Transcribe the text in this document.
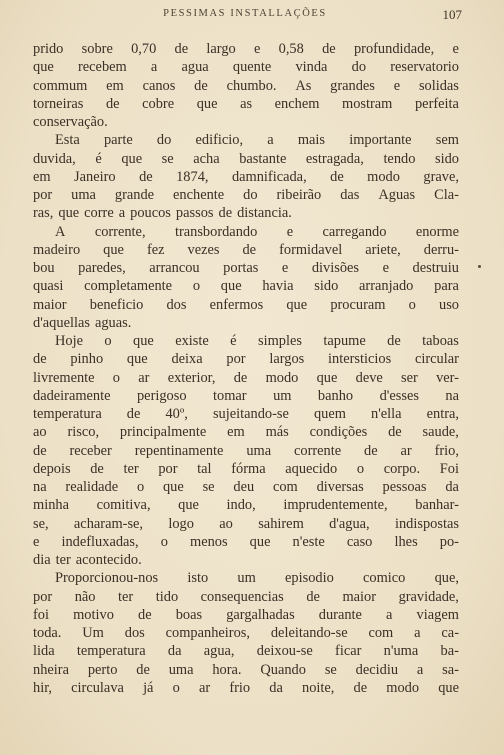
PESSIMAS INSTALLAÇÕES	107
prido sobre 0,70 de largo e 0,58 de profundidade, e
que recebem a agua quente vinda do reservatorio
commum em canos de chumbo. As grandes e solidas
torneiras de cobre que as enchem mostram perfeita
conservação.
Esta parte do edificio, a mais importante sem
duvida, é que se acha bastante estragada, tendo sido
em Janeiro de 1874, damnificada, de modo grave,
por uma grande enchente do ribeirão das Aguas Cla-
ras, que corre a poucos passos de distancia.
A corrente, transbordando e carregando enorme
madeiro que fez vezes de formidavel ariete, derru-
bou paredes, arrancou portas e divisões e destruiu
quasi completamente o que havia sido arranjado para
maior beneficio dos enfermos que procuram o uso
d'aquellas aguas.
Hoje o que existe é simples tapume de taboas
de pinho que deixa por largos intersticios circular
livremente o ar exterior, de modo que deve ser ver-
dadeiramente perigoso tomar um banho d'esses na
temperatura de 40º, sujeitando-se quem n'ella entra,
ao risco, principalmente em más condições de saude,
de receber repentinamente uma corrente de ar frio,
depois de ter por tal fórma aquecido o corpo. Foi
na realidade o que se deu com diversas pessoas da
minha comitiva, que indo, imprudentemente, banhar-
se, acharam-se, logo ao sahirem d'agua, indispostas
e indefluxadas, o menos que n'este caso lhes po-
dia ter acontecido.
Proporcionou-nos isto um episodio comico que,
por não ter tido consequencias de maior gravidade,
foi motivo de boas gargalhadas durante a viagem
toda. Um dos companheiros, deleitando-se com a ca-
lida temperatura da agua, deixou-se ficar n'uma ba-
nheira perto de uma hora. Quando se decidiu a sa-
hir, circulava já o ar frio da noite, de modo que
